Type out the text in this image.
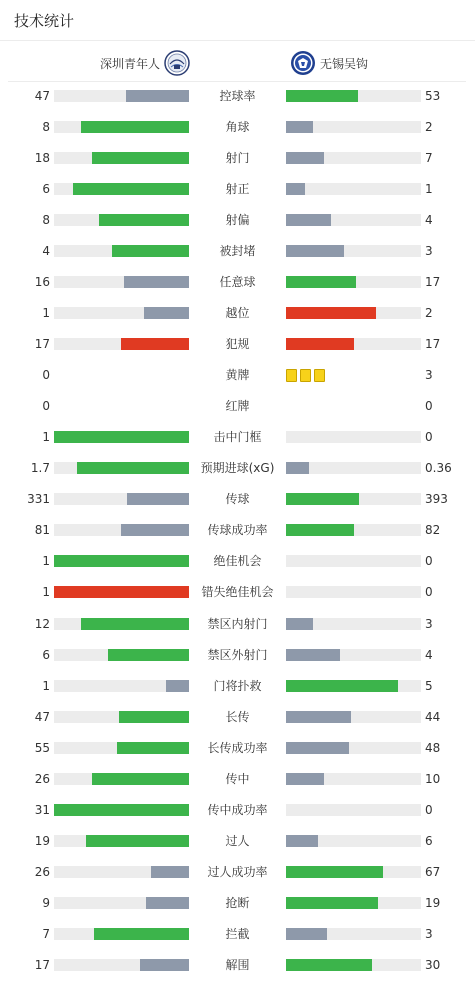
技术统计
深圳青年人	无锡吴钩
47	控球率	53
8	角球	2
18	射门	7
6	射正	1
8	射偏	4
4	被封堵	3
16	任意球	17
1	越位	2
17	犯规	17
0	黄牌	3
0	红牌	0
1	击中门框	0
1.7	预期进球(xG)	0.36
331	传球	393
81	传球成功率	82
1	绝佳机会	0
1	错失绝佳机会	0
12	禁区内射门	3
6	禁区外射门	4
1	门将扑救	5
47	长传	44
55	长传成功率	48
26	传中	10
31	传中成功率	0
19	过人	6
26	过人成功率	67
9	抢断	19
7	拦截	3
17	解围	30
